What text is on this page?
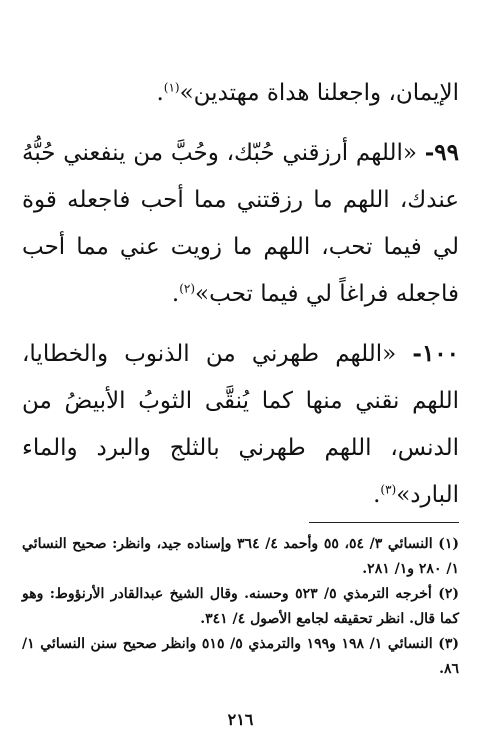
الإيمان، واجعلنا هداة مهتدين»$^{(١)}$.

٩٩- «اللهم أرزقني حُبّك، وحُبَّ من ينفعني حُبُّهُ عندك، اللهم ما رزقتني مما أحب فاجعله قوة لي فيما تحب، اللهم ما زويت عني مما أحب فاجعله فراغاً لي فيما تحب»$^{(٢)}$.

١٠٠- «اللهم طهرني من الذنوب والخطايا، اللهم نقني منها كما يُنقَّى الثوبُ الأبيضُ من الدنس، اللهم طهرني بالثلج والبرد والماء البارد»$^{(٣)}$.

(١) النسائي ٣/ ٥٤، ٥٥ وأحمد ٤/ ٣٦٤ وإسناده جيد، وانظر: صحيح النسائي ١/ ٢٨٠ و١/ ٢٨١.

(٢) أخرجه الترمذي ٥/ ٥٢٣ وحسنه. وقال الشيخ عبدالقادر الأرنؤوط: وهو كما قال. انظر تحقيقه لجامع الأصول ٤/ ٣٤١.

(٣) النسائي ١/ ١٩٨ و١٩٩ والترمذي ٥/ ٥١٥ وانظر صحيح سنن النسائي ١/ ٨٦.

٢١٦
